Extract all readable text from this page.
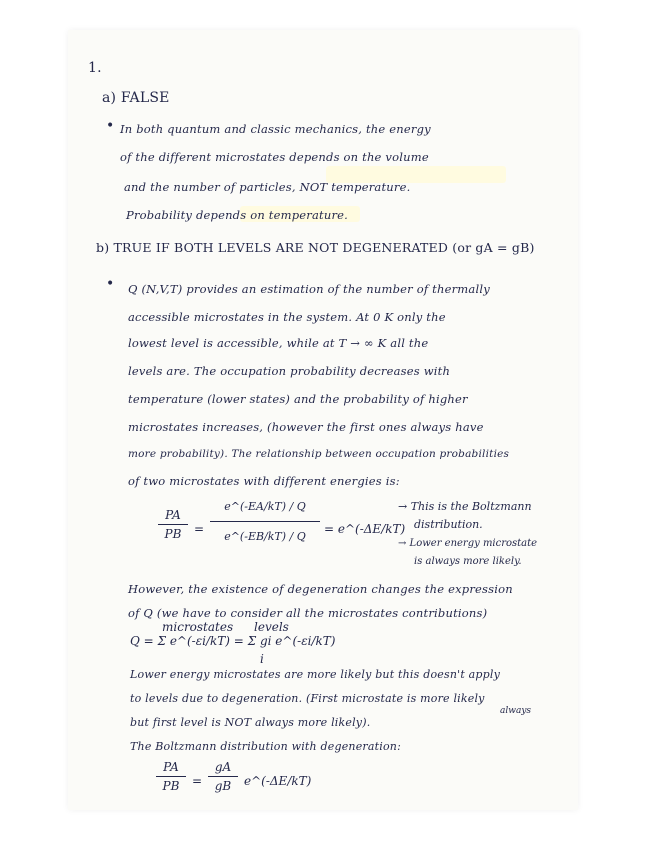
1.
a) FALSE
• In both quantum and classic mechanics, the energy
of the different microstates depends on the volume
and the number of particles, NOT temperature.
Probability depends on temperature.
b) TRUE IF BOTH LEVELS ARE NOT DEGENERATED (or gA = gB)
• Q (N,V,T) provides an estimation of the number of thermally
accessible microstates in the system. At 0 K only the
lowest level is accessible, while at T → ∞ K all the
levels are. The occupation probability decreases with
temperature (lower states) and the probability of higher
microstates increases, (however the first ones always have
more probability). The relationship between occupation probabilities
of two microstates with different energies is:
PA
PB	=
e^(-EA/kT) / Q
e^(-EB/kT) / Q
= e^(-ΔE/kT)
→ This is the Boltzmann
distribution.
→ Lower energy microstate
is always more likely.
However, the existence of degeneration changes the expression
of Q (we have to consider all the microstates contributions)
microstates levels
Q = Σ e^(-εi/kT) = Σ gi e^(-εi/kT)
i
Lower energy microstates are more likely but this doesn't apply
to levels due to degeneration. (First microstate is more likely
always
but first level is NOT always more likely).
The Boltzmann distribution with degeneration:
PA
PB	=
gA
gB	e^(-ΔE/kT)
